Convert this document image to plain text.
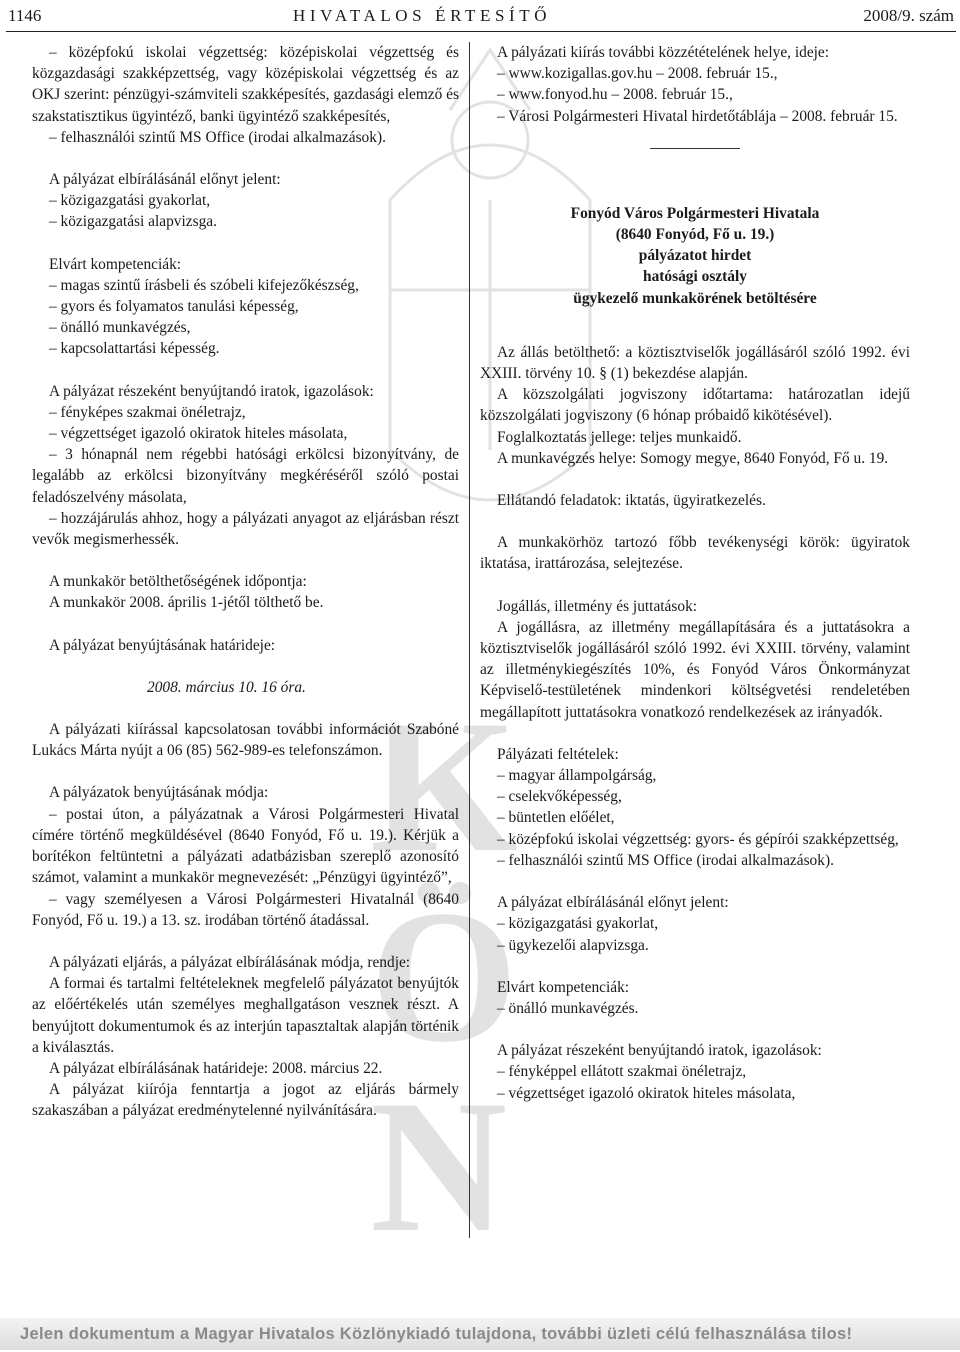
K
Ö
N
1146	HIVATALOS ÉRTESÍTŐ	2008/9. szám

– középfokú iskolai végzettség: középiskolai végzettség és közgazdasági szakképzettség, vagy középiskolai végzettség és az OKJ szerint: pénzügyi-számviteli szakképesítés, gazdasági elemző és szakstatisztikus ügyintéző, banki ügyintéző szakképesítés,

– felhasználói szintű MS Office (irodai alkalmazások).

A pályázat elbírálásánál előnyt jelent:

– közigazgatási gyakorlat,

– közigazgatási alapvizsga.

Elvárt kompetenciák:

– magas szintű írásbeli és szóbeli kifejezőkészség,

– gyors és folyamatos tanulási képesség,

– önálló munkavégzés,

– kapcsolattartási képesség.

A pályázat részeként benyújtandó iratok, igazolások:

– fényképes szakmai önéletrajz,

– végzettséget igazoló okiratok hiteles másolata,

– 3 hónapnál nem régebbi hatósági erkölcsi bizonyítvány, de legalább az erkölcsi bizonyítvány megkéréséről szóló postai feladószelvény másolata,

– hozzájárulás ahhoz, hogy a pályázati anyagot az eljárásban részt vevők megismerhessék.

A munkakör betölthetőségének időpontja:

A munkakör 2008. április 1-jétől tölthető be.

A pályázat benyújtásának határideje:

2008. március 10. 16 óra.

A pályázati kiírással kapcsolatosan további információt Szabóné Lukács Márta nyújt a 06 (85) 562-989-es telefonszámon.

A pályázatok benyújtásának módja:

– postai úton, a pályázatnak a Városi Polgármesteri Hivatal címére történő megküldésével (8640 Fonyód, Fő u. 19.). Kérjük a borítékon feltüntetni a pályázati adatbázisban szereplő azonosító számot, valamint a munkakör megnevezését: „Pénzügyi ügyintéző”,

– vagy személyesen a Városi Polgármesteri Hivatalnál (8640 Fonyód, Fő u. 19.) a 13. sz. irodában történő átadással.

A pályázati eljárás, a pályázat elbírálásának módja, rendje:

A formai és tartalmi feltételeknek megfelelő pályázatot benyújtók az előértékelés után személyes meghallgatáson vesznek részt. A benyújtott dokumentumok és az interjún tapasztaltak alapján történik a kiválasztás.

A pályázat elbírálásának határideje: 2008. március 22.

A pályázat kiírója fenntartja a jogot az eljárás bármely szakaszában a pályázat eredménytelenné nyilvánítására.

A pályázati kiírás további közzétételének helye, ideje:

– www.kozigallas.gov.hu – 2008. február 15.,

– www.fonyod.hu – 2008. február 15.,

– Városi Polgármesteri Hivatal hirdetőtáblája – 2008. február 15.

Fonyód Város Polgármesteri Hivatala

(8640 Fonyód, Fő u. 19.)

pályázatot hirdet

hatósági osztály

ügykezelő munkakörének betöltésére

Az állás betölthető: a köztisztviselők jogállásáról szóló 1992. évi XXIII. törvény 10. § (1) bekezdése alapján.

A közszolgálati jogviszony időtartama: határozatlan idejű közszolgálati jogviszony (6 hónap próbaidő kikötésével).

Foglalkoztatás jellege: teljes munkaidő.

A munkavégzés helye: Somogy megye, 8640 Fonyód, Fő u. 19.

Ellátandó feladatok: iktatás, ügyiratkezelés.

A munkakörhöz tartozó főbb tevékenységi körök: ügyiratok iktatása, irattározása, selejtezése.

Jogállás, illetmény és juttatások:

A jogállásra, az illetmény megállapítására és a juttatásokra a köztisztviselők jogállásáról szóló 1992. évi XXIII. törvény, valamint az illetménykiegészítés 10%, és Fonyód Város Önkormányzat Képviselő-testületének mindenkori költségvetési rendeletében megállapított juttatásokra vonatkozó rendelkezések az irányadók.

Pályázati feltételek:

– magyar állampolgárság,

– cselekvőképesség,

– büntetlen előélet,

– középfokú iskolai végzettség: gyors- és gépírói szakképzettség,

– felhasználói szintű MS Office (irodai alkalmazások).

A pályázat elbírálásánál előnyt jelent:

– közigazgatási gyakorlat,

– ügykezelői alapvizsga.

Elvárt kompetenciák:

– önálló munkavégzés.

A pályázat részeként benyújtandó iratok, igazolások:

– fényképpel ellátott szakmai önéletrajz,

– végzettséget igazoló okiratok hiteles másolata,

Jelen dokumentum a Magyar Hivatalos Közlönykiadó tulajdona, további üzleti célú felhasználása tilos!
